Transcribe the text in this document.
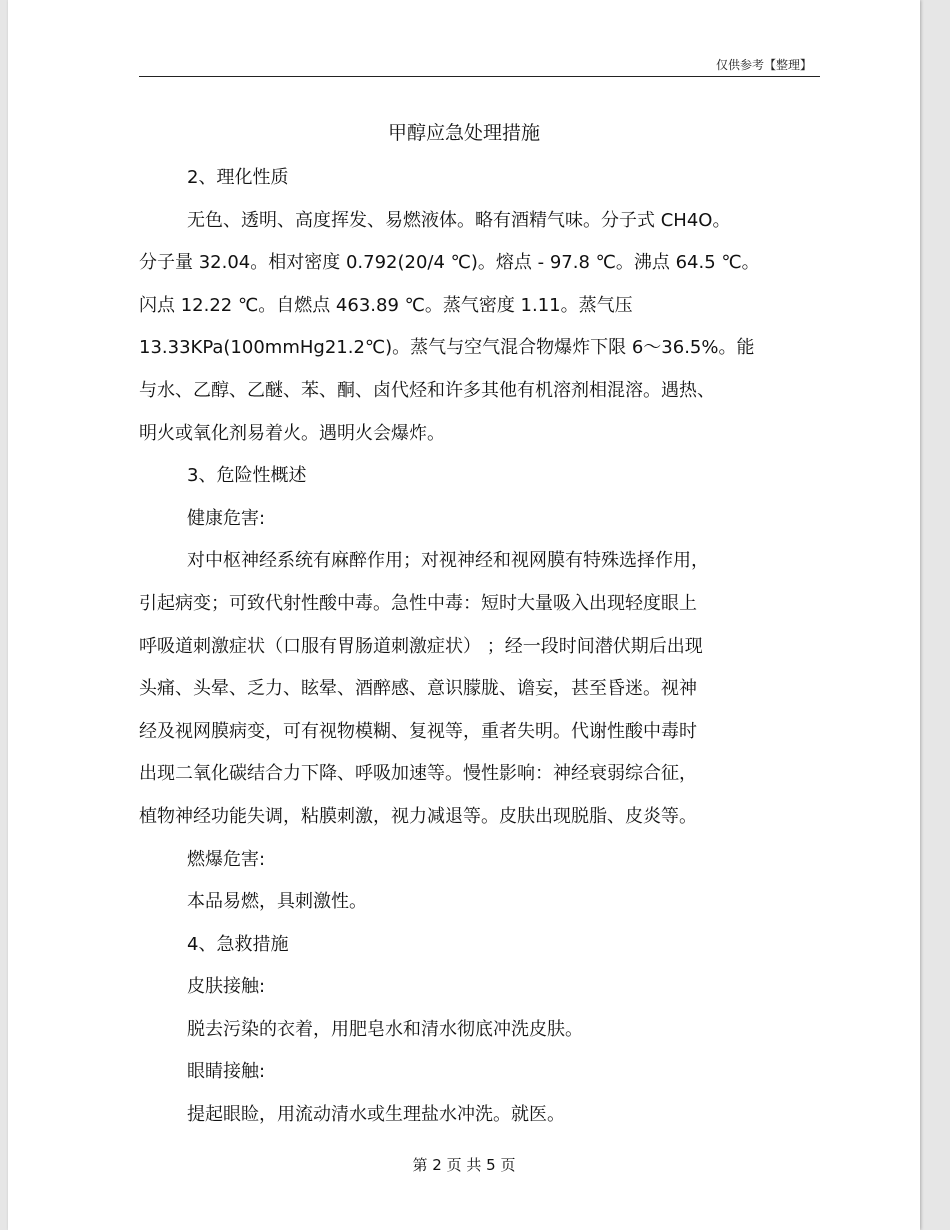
仅供参考【整理】
甲醇应急处理措施

2、理化性质

无色、透明、高度挥发、易燃液体。略有酒精气味。分子式 CH4O。

分子量 32.04。相对密度 0.792(20/4 ℃)。熔点 - 97.8 ℃。沸点 64.5 ℃。

闪点 12.22 ℃。自燃点 463.89 ℃。蒸气密度 1.11。蒸气压

13.33KPa(100mmHg21.2℃)。蒸气与空气混合物爆炸下限 6～36.5%。能

与水、乙醇、乙醚、苯、酮、卤代烃和许多其他有机溶剂相混溶。遇热、

明火或氧化剂易着火。遇明火会爆炸。

3、危险性概述

健康危害:

对中枢神经系统有麻醉作用；对视神经和视网膜有特殊选择作用，

引起病变；可致代射性酸中毒。急性中毒：短时大量吸入出现轻度眼上

呼吸道刺激症状（口服有胃肠道刺激症状） ；经一段时间潜伏期后出现

头痛、头晕、乏力、眩晕、酒醉感、意识朦胧、谵妄，甚至昏迷。视神

经及视网膜病变，可有视物模糊、复视等，重者失明。代谢性酸中毒时

出现二氧化碳结合力下降、呼吸加速等。慢性影响：神经衰弱综合征，

植物神经功能失调，粘膜刺激，视力减退等。皮肤出现脱脂、皮炎等。

燃爆危害:

本品易燃，具刺激性。

4、急救措施

皮肤接触:

脱去污染的衣着，用肥皂水和清水彻底冲洗皮肤。

眼睛接触:

提起眼睑，用流动清水或生理盐水冲洗。就医。

第 2 页 共 5 页
